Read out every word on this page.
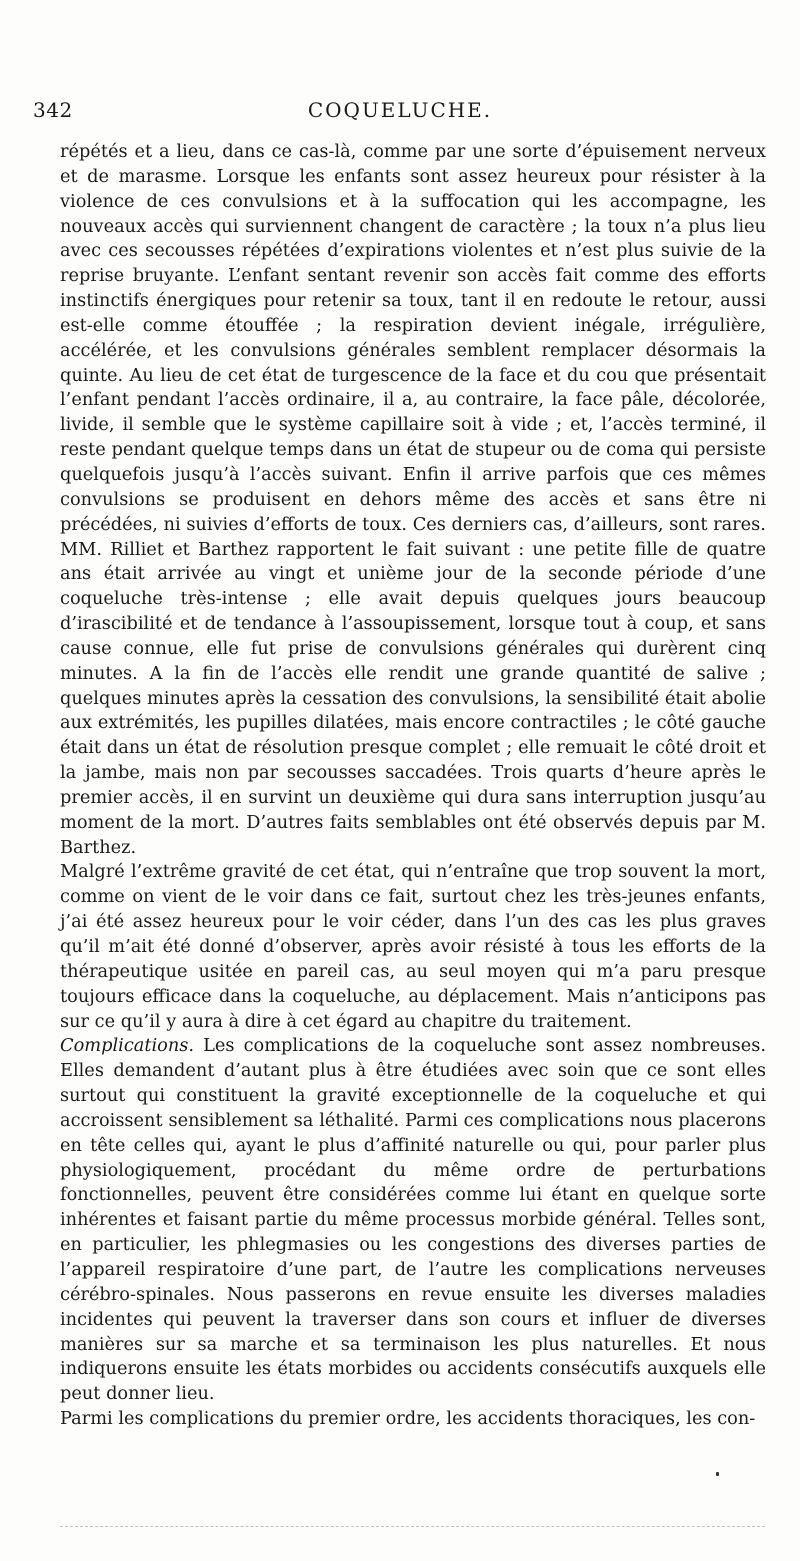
342	COQUELUCHE.

répétés et a lieu, dans ce cas-là, comme par une sorte d’épuisement nerveux et de marasme. Lorsque les enfants sont assez heureux pour résister à la violence de ces convulsions et à la suffocation qui les accompagne, les nouveaux accès qui surviennent changent de caractère ; la toux n’a plus lieu avec ces secousses répétées d’expirations violentes et n’est plus suivie de la reprise bruyante. L’enfant sentant revenir son accès fait comme des efforts instinctifs énergiques pour retenir sa toux, tant il en redoute le retour, aussi est-elle comme étouffée ; la respiration devient inégale, irrégulière, accélérée, et les convulsions générales semblent remplacer désormais la quinte. Au lieu de cet état de turgescence de la face et du cou que présentait l’enfant pendant l’accès ordinaire, il a, au contraire, la face pâle, décolorée, livide, il semble que le système capillaire soit à vide ; et, l’accès terminé, il reste pendant quelque temps dans un état de stupeur ou de coma qui persiste quelquefois jusqu’à l’accès suivant. Enfin il arrive parfois que ces mêmes convulsions se produisent en dehors même des accès et sans être ni précédées, ni suivies d’efforts de toux. Ces derniers cas, d’ailleurs, sont rares.

MM. Rilliet et Barthez rapportent le fait suivant : une petite fille de quatre ans était arrivée au vingt et unième jour de la seconde période d’une coqueluche très-intense ; elle avait depuis quelques jours beaucoup d’irascibilité et de tendance à l’assoupissement, lorsque tout à coup, et sans cause connue, elle fut prise de convulsions générales qui durèrent cinq minutes. A la fin de l’accès elle rendit une grande quantité de salive ; quelques minutes après la cessation des convulsions, la sensibilité était abolie aux extrémités, les pupilles dilatées, mais encore contractiles ; le côté gauche était dans un état de résolution presque complet ; elle remuait le côté droit et la jambe, mais non par secousses saccadées. Trois quarts d’heure après le premier accès, il en survint un deuxième qui dura sans interruption jusqu’au moment de la mort. D’autres faits semblables ont été observés depuis par M. Barthez.

Malgré l’extrême gravité de cet état, qui n’entraîne que trop souvent la mort, comme on vient de le voir dans ce fait, surtout chez les très-jeunes enfants, j’ai été assez heureux pour le voir céder, dans l’un des cas les plus graves qu’il m’ait été donné d’observer, après avoir résisté à tous les efforts de la thérapeutique usitée en pareil cas, au seul moyen qui m’a paru presque toujours efficace dans la coqueluche, au déplacement. Mais n’anticipons pas sur ce qu’il y aura à dire à cet égard au chapitre du traitement.

Complications. Les complications de la coqueluche sont assez nombreuses. Elles demandent d’autant plus à être étudiées avec soin que ce sont elles surtout qui constituent la gravité exceptionnelle de la coqueluche et qui accroissent sensiblement sa léthalité. Parmi ces complications nous placerons en tête celles qui, ayant le plus d’affinité naturelle ou qui, pour parler plus physiologiquement, procédant du même ordre de perturbations fonctionnelles, peuvent être considérées comme lui étant en quelque sorte inhérentes et faisant partie du même processus morbide général. Telles sont, en particulier, les phlegmasies ou les congestions des diverses parties de l’appareil respiratoire d’une part, de l’autre les complications nerveuses cérébro-spinales. Nous passerons en revue ensuite les diverses maladies incidentes qui peuvent la traverser dans son cours et influer de diverses manières sur sa marche et sa terminaison les plus naturelles. Et nous indiquerons ensuite les états morbides ou accidents consécutifs auxquels elle peut donner lieu.

Parmi les complications du premier ordre, les accidents thoraciques, les con-
